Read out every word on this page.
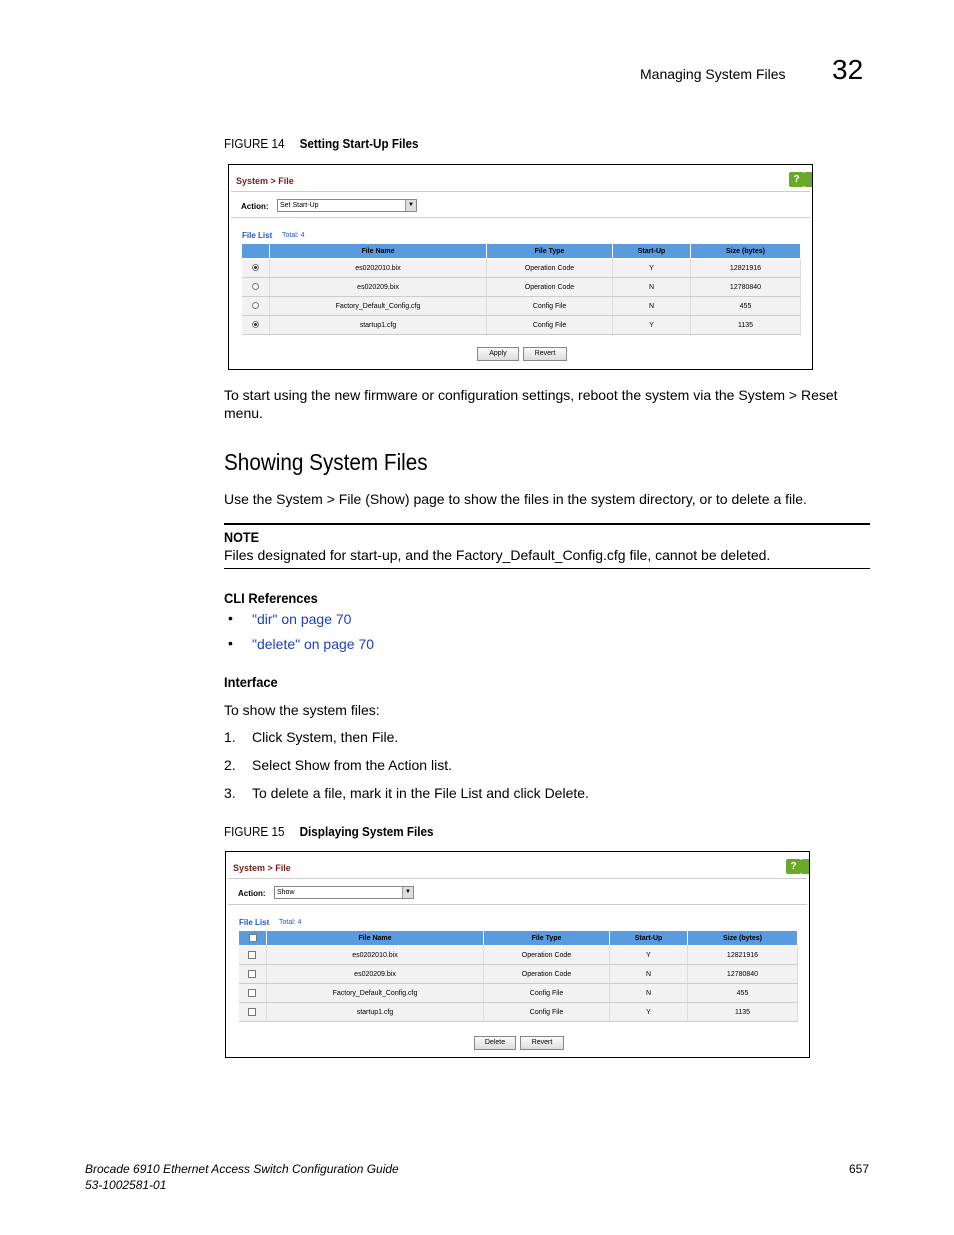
Managing System Files 32
FIGURE 14 Setting Start-Up Files
System > File	?
Action:	Set Start-Up	▼
File List Total: 4
	File Name	File Type	Start-Up	Size (bytes)
	es0202010.bix	Operation Code	Y	12821916
	es020209.bix	Operation Code	N	12780840
	Factory_Default_Config.cfg	Config File	N	455
	startup1.cfg	Config File	Y	1135
Apply	Revert
To start using the new firmware or configuration settings, reboot the system via the System > Reset menu.
Showing System Files
Use the System > File (Show) page to show the files in the system directory, or to delete a file.
NOTE
Files designated for start-up, and the Factory_Default_Config.cfg file, cannot be deleted.
CLI References
• "dir" on page 70
• "delete" on page 70
Interface
To show the system files:
1. Click System, then File.
2. Select Show from the Action list.
3. To delete a file, mark it in the File List and click Delete.
FIGURE 15 Displaying System Files
System > File	?
Action:	Show	▼
File List Total: 4
	File Name	File Type	Start-Up	Size (bytes)
	es0202010.bix	Operation Code	Y	12821916
	es020209.bix	Operation Code	N	12780840
	Factory_Default_Config.cfg	Config File	N	455
	startup1.cfg	Config File	Y	1135
Delete	Revert
Brocade 6910 Ethernet Access Switch Configuration Guide
53-1002581-01
657
